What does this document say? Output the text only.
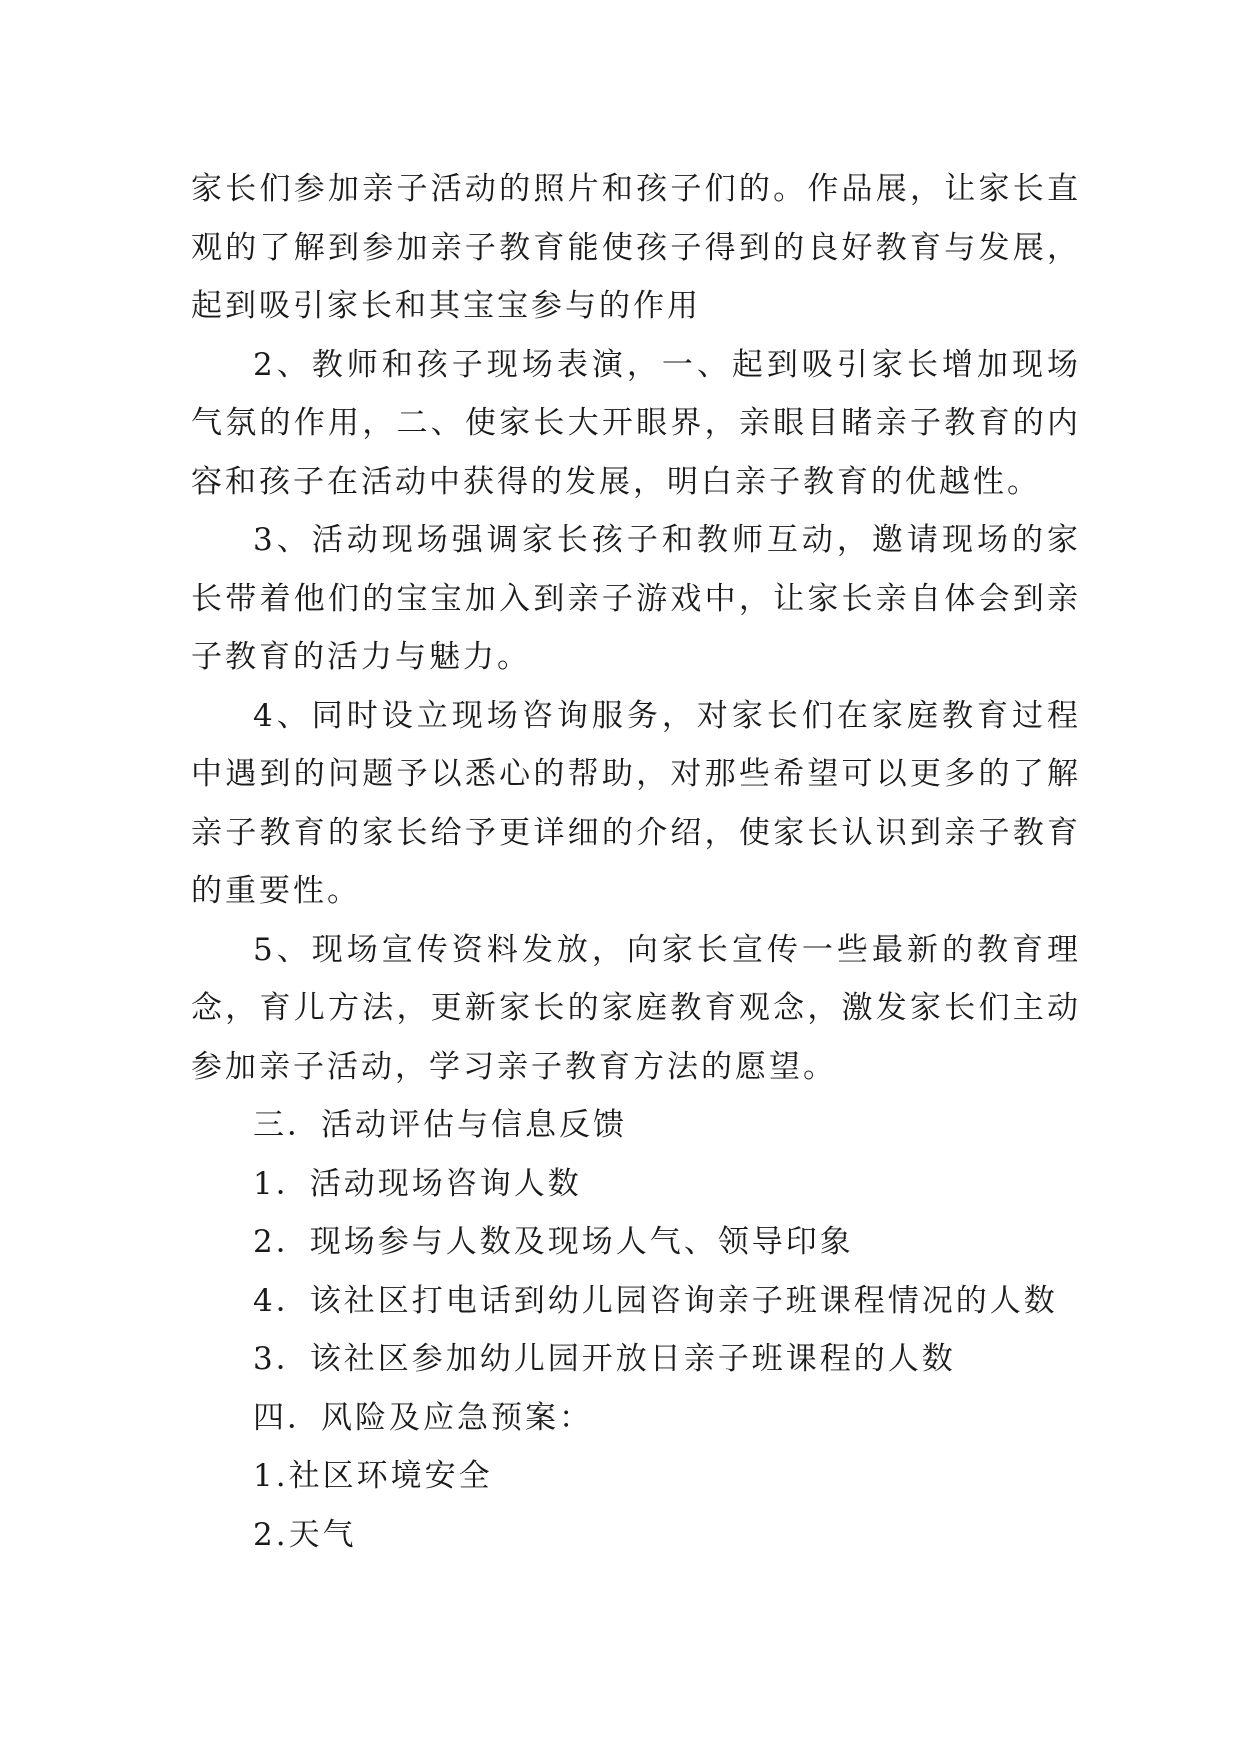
家长们参加亲子活动的照片和孩子们的。作品展，让家长直观的了解到参加亲子教育能使孩子得到的良好教育与发展，起到吸引家长和其宝宝参与的作用

2、教师和孩子现场表演，一、起到吸引家长增加现场气氛的作用，二、使家长大开眼界，亲眼目睹亲子教育的内容和孩子在活动中获得的发展，明白亲子教育的优越性。

3、活动现场强调家长孩子和教师互动，邀请现场的家长带着他们的宝宝加入到亲子游戏中，让家长亲自体会到亲子教育的活力与魅力。

4、同时设立现场咨询服务，对家长们在家庭教育过程中遇到的问题予以悉心的帮助，对那些希望可以更多的了解亲子教育的家长给予更详细的介绍，使家长认识到亲子教育的重要性。

5、现场宣传资料发放，向家长宣传一些最新的教育理念，育儿方法，更新家长的家庭教育观念，激发家长们主动参加亲子活动，学习亲子教育方法的愿望。

三．活动评估与信息反馈

1．活动现场咨询人数

2．现场参与人数及现场人气、领导印象

4．该社区打电话到幼儿园咨询亲子班课程情况的人数

3．该社区参加幼儿园开放日亲子班课程的人数

四．风险及应急预案：

1.社区环境安全

2.天气
